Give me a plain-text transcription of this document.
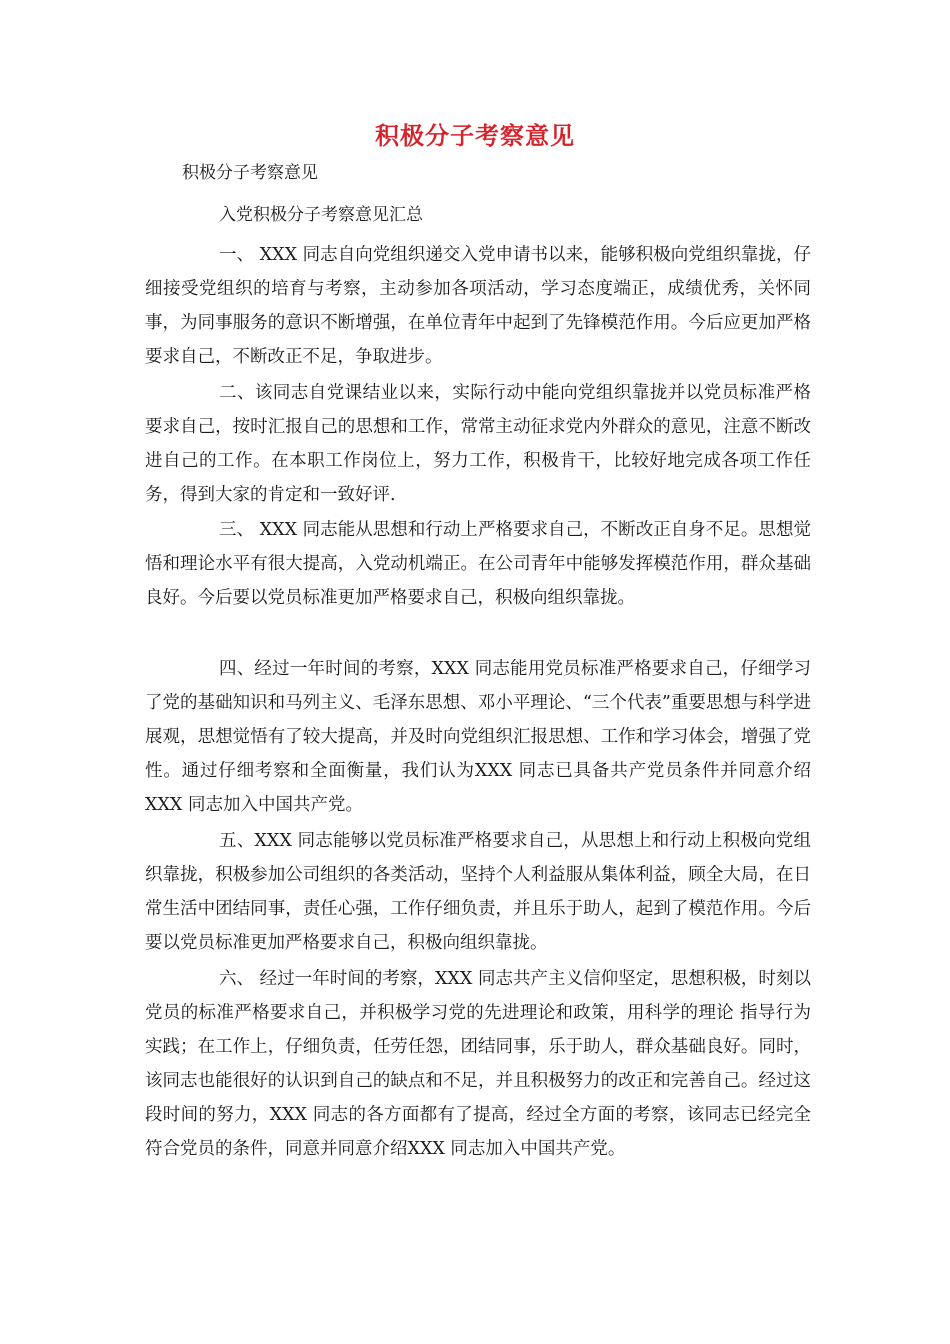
积极分子考察意见

积极分子考察意见

入党积极分子考察意见汇总

一、 XXX 同志自向党组织递交入党申请书以来，能够积极向党组织靠拢，仔细接受党组织的培育与考察，主动参加各项活动，学习态度端正，成绩优秀，关怀同事，为同事服务的意识不断增强，在单位青年中起到了先锋模范作用。今后应更加严格要求自己，不断改正不足，争取进步。

二、该同志自党课结业以来，实际行动中能向党组织靠拢并以党员标准严格要求自己，按时汇报自己的思想和工作，常常主动征求党内外群众的意见，注意不断改进自己的工作。在本职工作岗位上，努力工作，积极肯干，比较好地完成各项工作任务，得到大家的肯定和一致好评.

三、 XXX 同志能从思想和行动上严格要求自己，不断改正自身不足。思想觉悟和理论水平有很大提高，入党动机端正。在公司青年中能够发挥模范作用，群众基础良好。今后要以党员标准更加严格要求自己，积极向组织靠拢。

四、经过一年时间的考察，XXX 同志能用党员标准严格要求自己，仔细学习了党的基础知识和马列主义、毛泽东思想、邓小平理论、“三个代表”重要思想与科学进展观，思想觉悟有了较大提高，并及时向党组织汇报思想、工作和学习体会，增强了党性。通过仔细考察和全面衡量，我们认为XXX 同志已具备共产党员条件并同意介绍XXX 同志加入中国共产党。

五、XXX 同志能够以党员标准严格要求自己，从思想上和行动上积极向党组织靠拢，积极参加公司组织的各类活动，坚持个人利益服从集体利益，顾全大局，在日常生活中团结同事，责任心强，工作仔细负责，并且乐于助人，起到了模范作用。今后要以党员标准更加严格要求自己，积极向组织靠拢。

六、 经过一年时间的考察，XXX 同志共产主义信仰坚定，思想积极，时刻以党员的标准严格要求自己，并积极学习党的先进理论和政策，用科学的理论 指导行为实践；在工作上，仔细负责，任劳任怨，团结同事，乐于助人，群众基础良好。同时，该同志也能很好的认识到自己的缺点和不足，并且积极努力的改正和完善自己。经过这段时间的努力，XXX 同志的各方面都有了提高，经过全方面的考察，该同志已经完全符合党员的条件，同意并同意介绍XXX 同志加入中国共产党。
